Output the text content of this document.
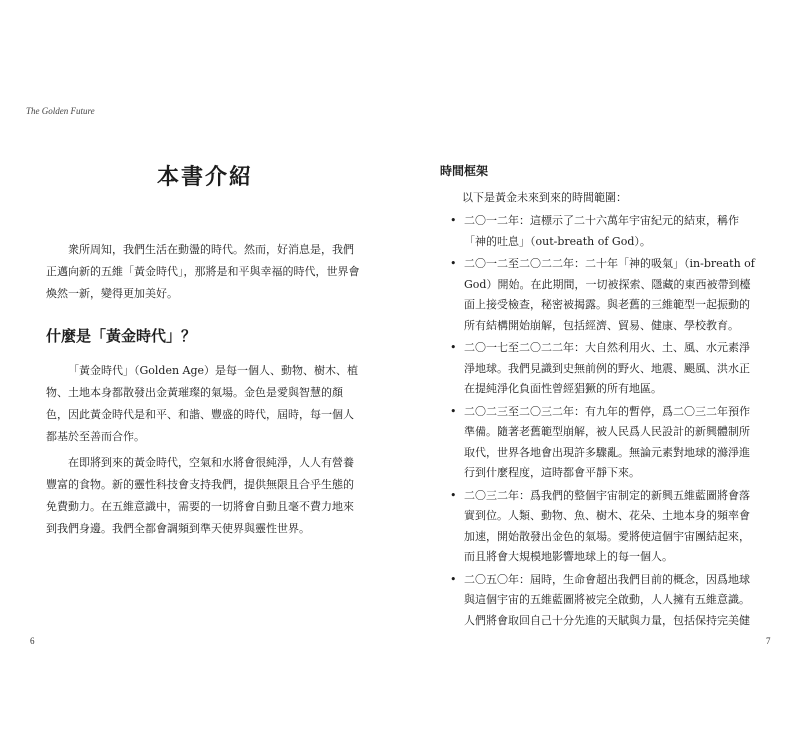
The Golden Future
本書介紹

衆所周知，我們生活在動盪的時代。然而，好消息是，我們正邁向新的五維「黃金時代」，那將是和平與幸福的時代，世界會煥然一新，變得更加美好。

什麼是「黃金時代」？

「黃金時代」（Golden Age）是每一個人、動物、樹木、植物、土地本身都散發出金黃璀璨的氣場。金色是愛與智慧的顏色，因此黃金時代是和平、和諧、豐盛的時代，屆時，每一個人都基於至善而合作。

在即將到來的黃金時代，空氣和水將會很純淨，人人有營養豐富的食物。新的靈性科技會支持我們，提供無限且合乎生態的免費動力。在五維意識中，需要的一切將會自動且毫不費力地來到我們身邊。我們全都會調頻到準天使界與靈性世界。

6
時間框架

以下是黃金未來到來的時間範圍：

• 二〇一二年：這標示了二十六萬年宇宙紀元的結束，稱作「神的吐息」（out-breath of God）。
• 二〇一二至二〇二二年：二十年「神的吸氣」（in-breath of God）開始。在此期間，一切被探索、隱藏的東西被帶到檯面上接受檢查，秘密被揭露。與老舊的三維範型一起振動的所有結構開始崩解，包括經濟、貿易、健康、學校教育。
• 二〇一七至二〇二二年：大自然利用火、土、風、水元素淨淨地球。我們見識到史無前例的野火、地震、颶風、洪水正在提純淨化負面性曾經猖獗的所有地區。
• 二〇二三至二〇三二年：有九年的暫停，爲二〇三二年預作準備。隨著老舊範型崩解，被人民爲人民設計的新興體制所取代，世界各地會出現許多驟亂。無論元素對地球的滌淨進行到什麼程度，這時都會平靜下來。
• 二〇三二年：爲我們的整個宇宙制定的新興五維藍圖將會落實到位。人類、動物、魚、樹木、花朵、土地本身的頻率會加速，開始散發出金色的氣場。愛將使這個宇宙團結起來，而且將會大規模地影響地球上的每一個人。
• 二〇五〇年：屆時，生命會超出我們目前的概念，因爲地球與這個宇宙的五維藍圖將被完全啟動，人人擁有五維意識。人們將會取回自己十分先進的天賦與力量，包括保持完美健
7
